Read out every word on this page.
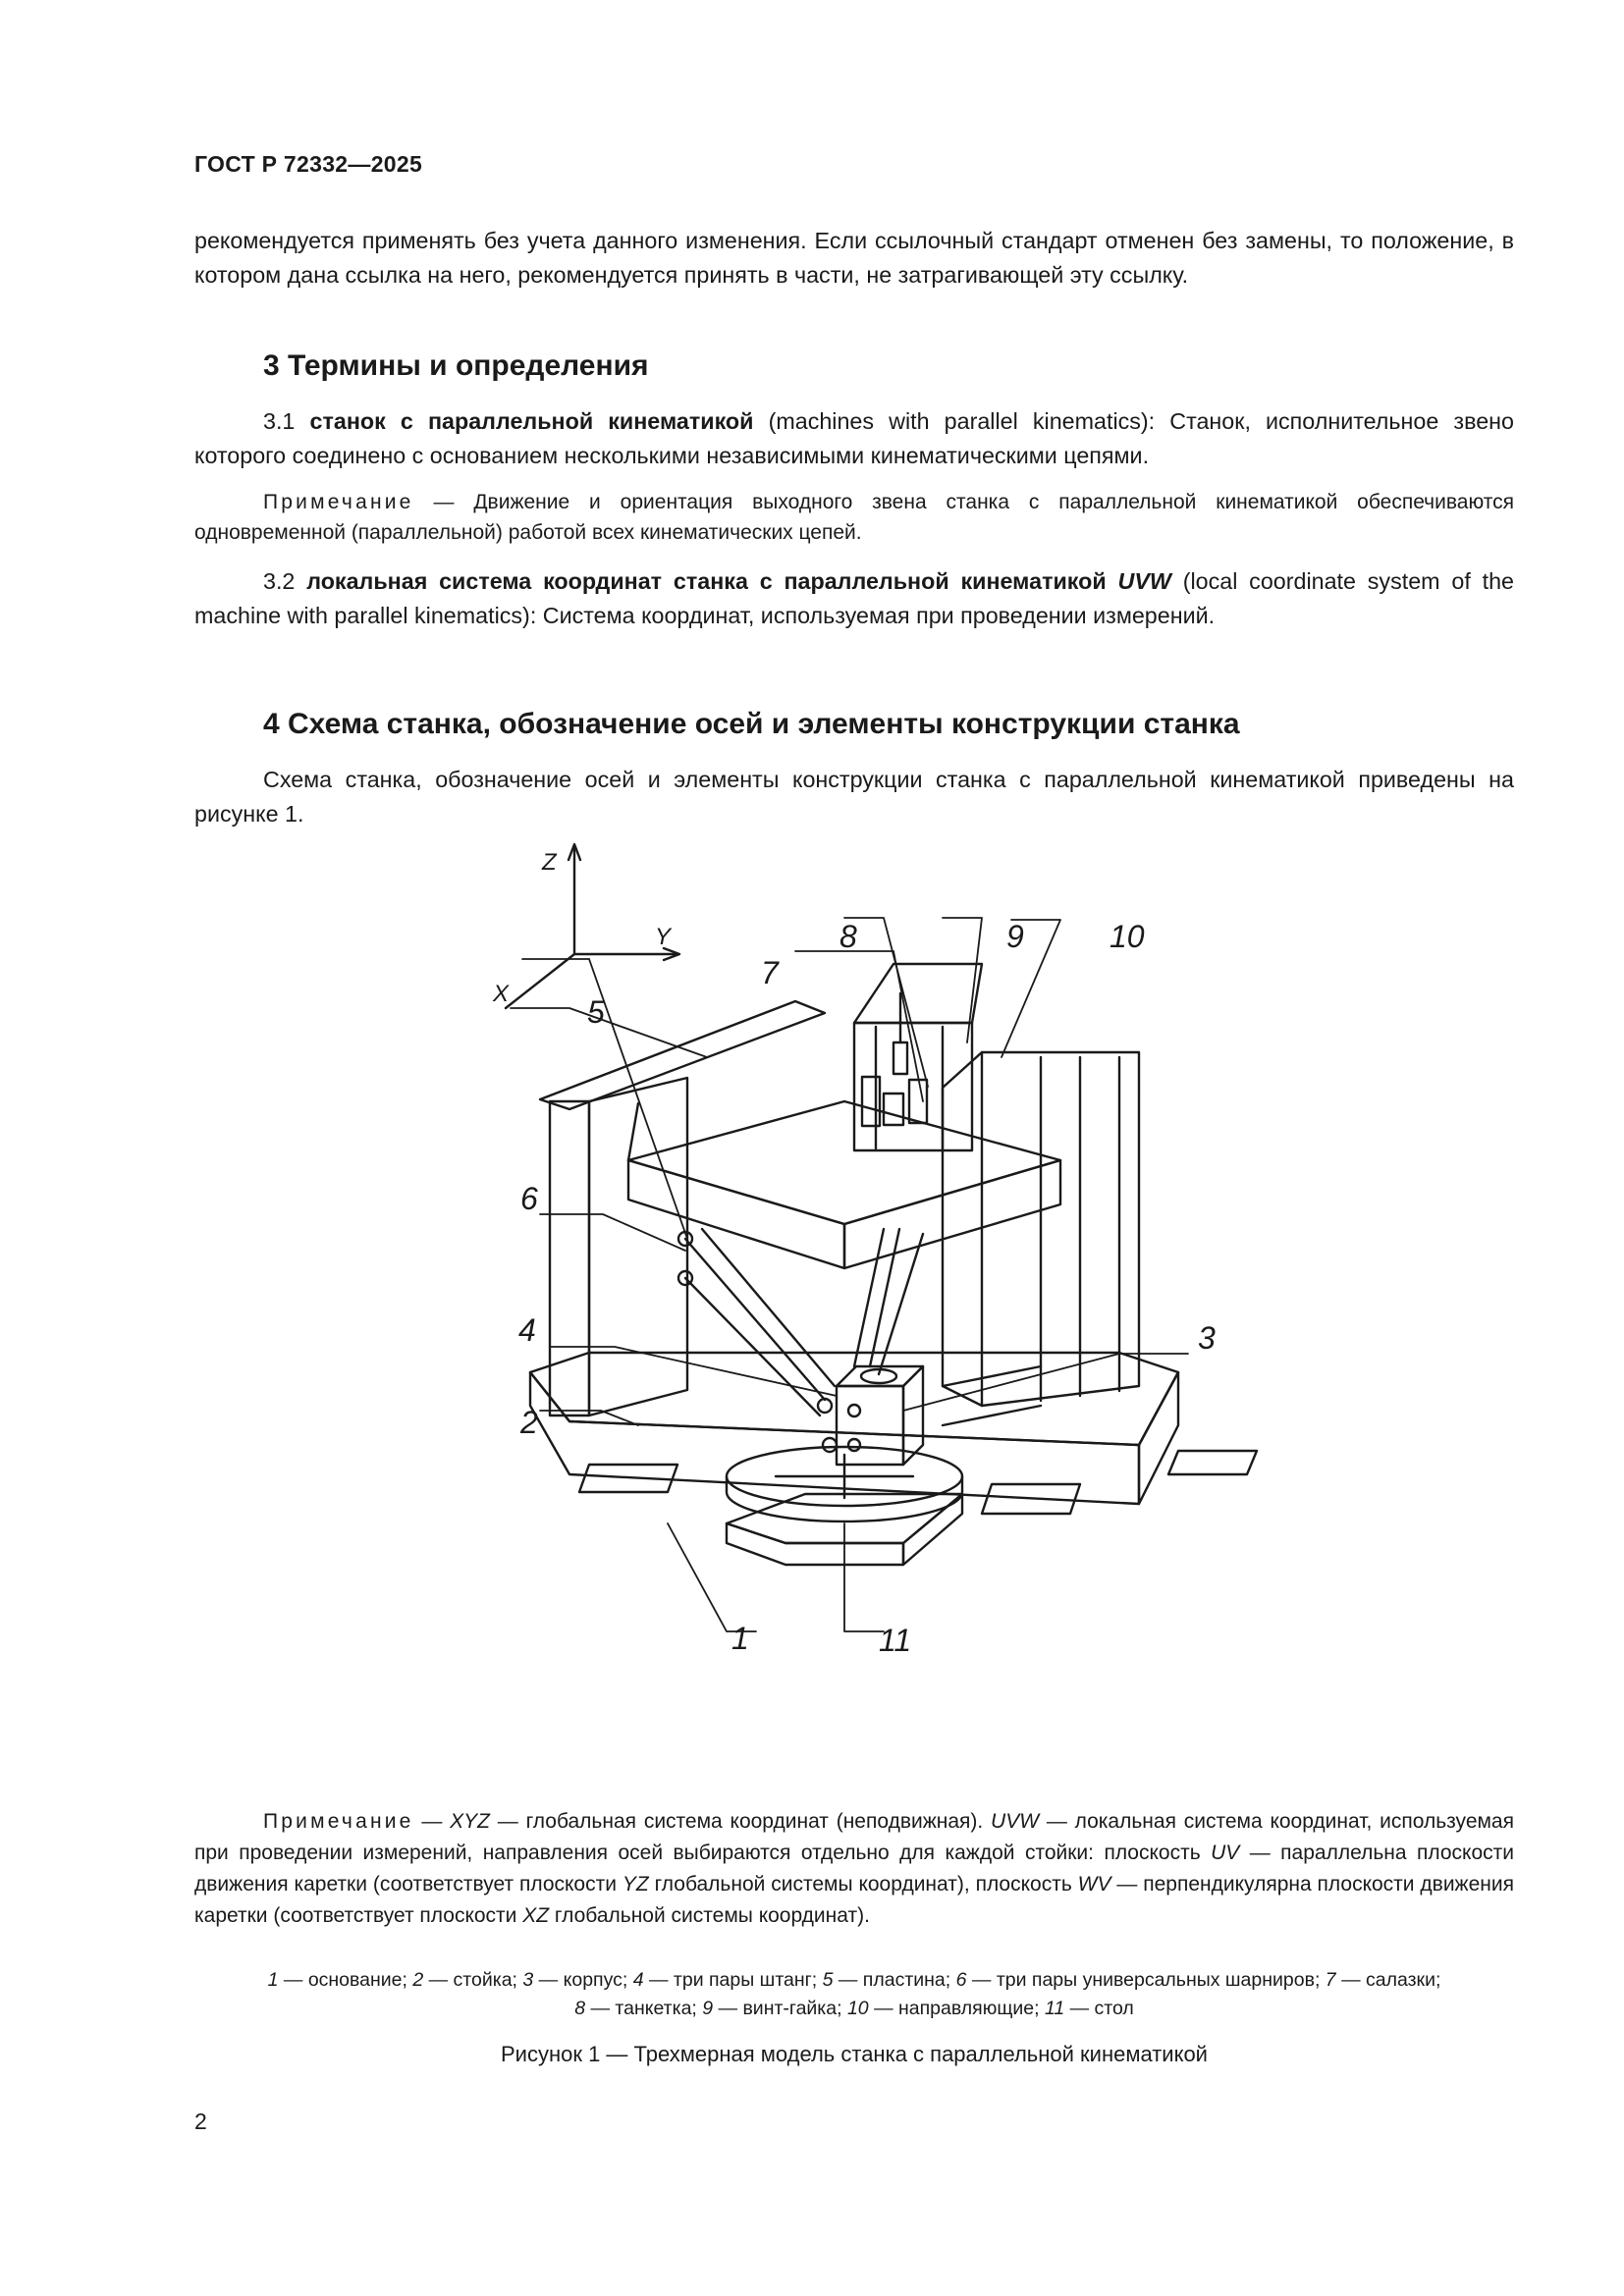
ГОСТ Р 72332—2025
рекомендуется применять без учета данного изменения. Если ссылочный стандарт отменен без замены, то положение, в котором дана ссылка на него, рекомендуется принять в части, не затрагивающей эту ссылку.
3 Термины и определения
3.1 станок с параллельной кинематикой (machines with parallel kinematics): Станок, исполнительное звено которого соединено с основанием несколькими независимыми кинематическими цепями.
Примечание — Движение и ориентация выходного звена станка с параллельной кинематикой обеспечиваются одновременной (параллельной) работой всех кинематических цепей.
3.2 локальная система координат станка с параллельной кинематикой UVW (local coordinate system of the machine with parallel kinematics): Система координат, используемая при проведении измерений.
4 Схема станка, обозначение осей и элементы конструкции станка
Схема станка, обозначение осей и элементы конструкции станка с параллельной кинематикой приведены на рисунке 1.
Z
Y
X
1
2
3
4
5
6
7
8	9	10
11
Примечание — XYZ — глобальная система координат (неподвижная). UVW — локальная система координат, используемая при проведении измерений, направления осей выбираются отдельно для каждой стойки: плоскость UV — параллельна плоскости движения каретки (соответствует плоскости YZ глобальной системы координат), плоскость WV — перпендикулярна плоскости движения каретки (соответствует плоскости XZ глобальной системы координат).
1 — основание; 2 — стойка; 3 — корпус; 4 — три пары штанг; 5 — пластина; 6 — три пары универсальных шарниров; 7 — салазки;
8 — танкетка; 9 — винт-гайка; 10 — направляющие; 11 — стол
Рисунок 1 — Трехмерная модель станка с параллельной кинематикой
2
